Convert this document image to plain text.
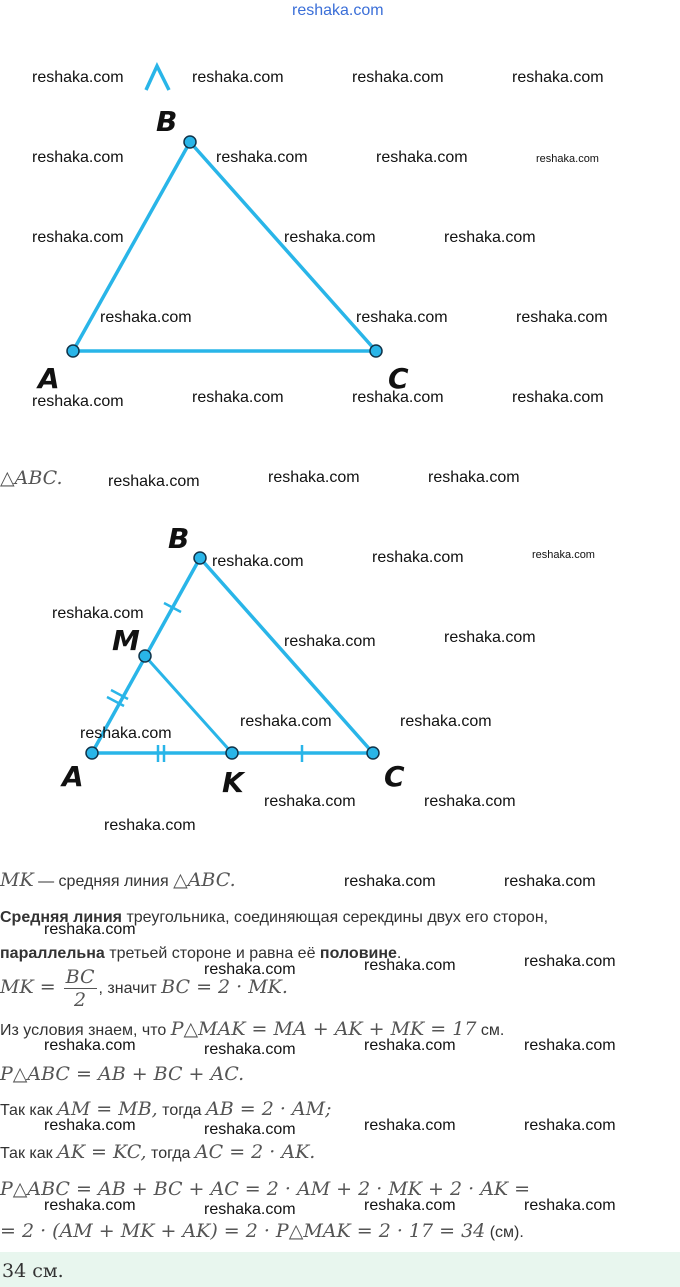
reshaka.com
B
A	C
reshaka.com	reshaka.com	reshaka.com	reshaka.com
reshaka.com	reshaka.com	reshaka.com	reshaka.com
reshaka.com	reshaka.com	reshaka.com
reshaka.com	reshaka.com	reshaka.com
reshaka.com	reshaka.com	reshaka.com	reshaka.com
△ABC.	reshaka.com	reshaka.com	reshaka.com
B
M
A	K	C
reshaka.com	reshaka.com	reshaka.com
reshaka.com
reshaka.com	reshaka.com
reshaka.com
reshaka.com	reshaka.com
reshaka.com	reshaka.com
reshaka.com
MK — средняя линия △ABC.	reshaka.com	reshaka.com
Средняя линия треугольника, соединяющая серекдины двух его сторон,
reshaka.com
параллельна третьей стороне и равна её половине.
reshaka.com	reshaka.com	reshaka.com
MK = $\frac{BC}{2}$ , значит BC = 2 · MK.
Из условия знаем, что P△MAK = MA + AK + MK = 17 см.
reshaka.com	reshaka.com	reshaka.com	reshaka.com
P△ABC = AB + BC + AC.
Так как AM = MB, тогда AB = 2 · AM;
reshaka.com	reshaka.com	reshaka.com	reshaka.com
Так как AK = KC, тогда AC = 2 · AK.
P△ABC = AB + BC + AC = 2 · AM + 2 · MK + 2 · AK =
reshaka.com	reshaka.com	reshaka.com	reshaka.com
= 2 · (AM + MK + AK) = 2 · P△MAK = 2 · 17 = 34 (см).
34 см.
